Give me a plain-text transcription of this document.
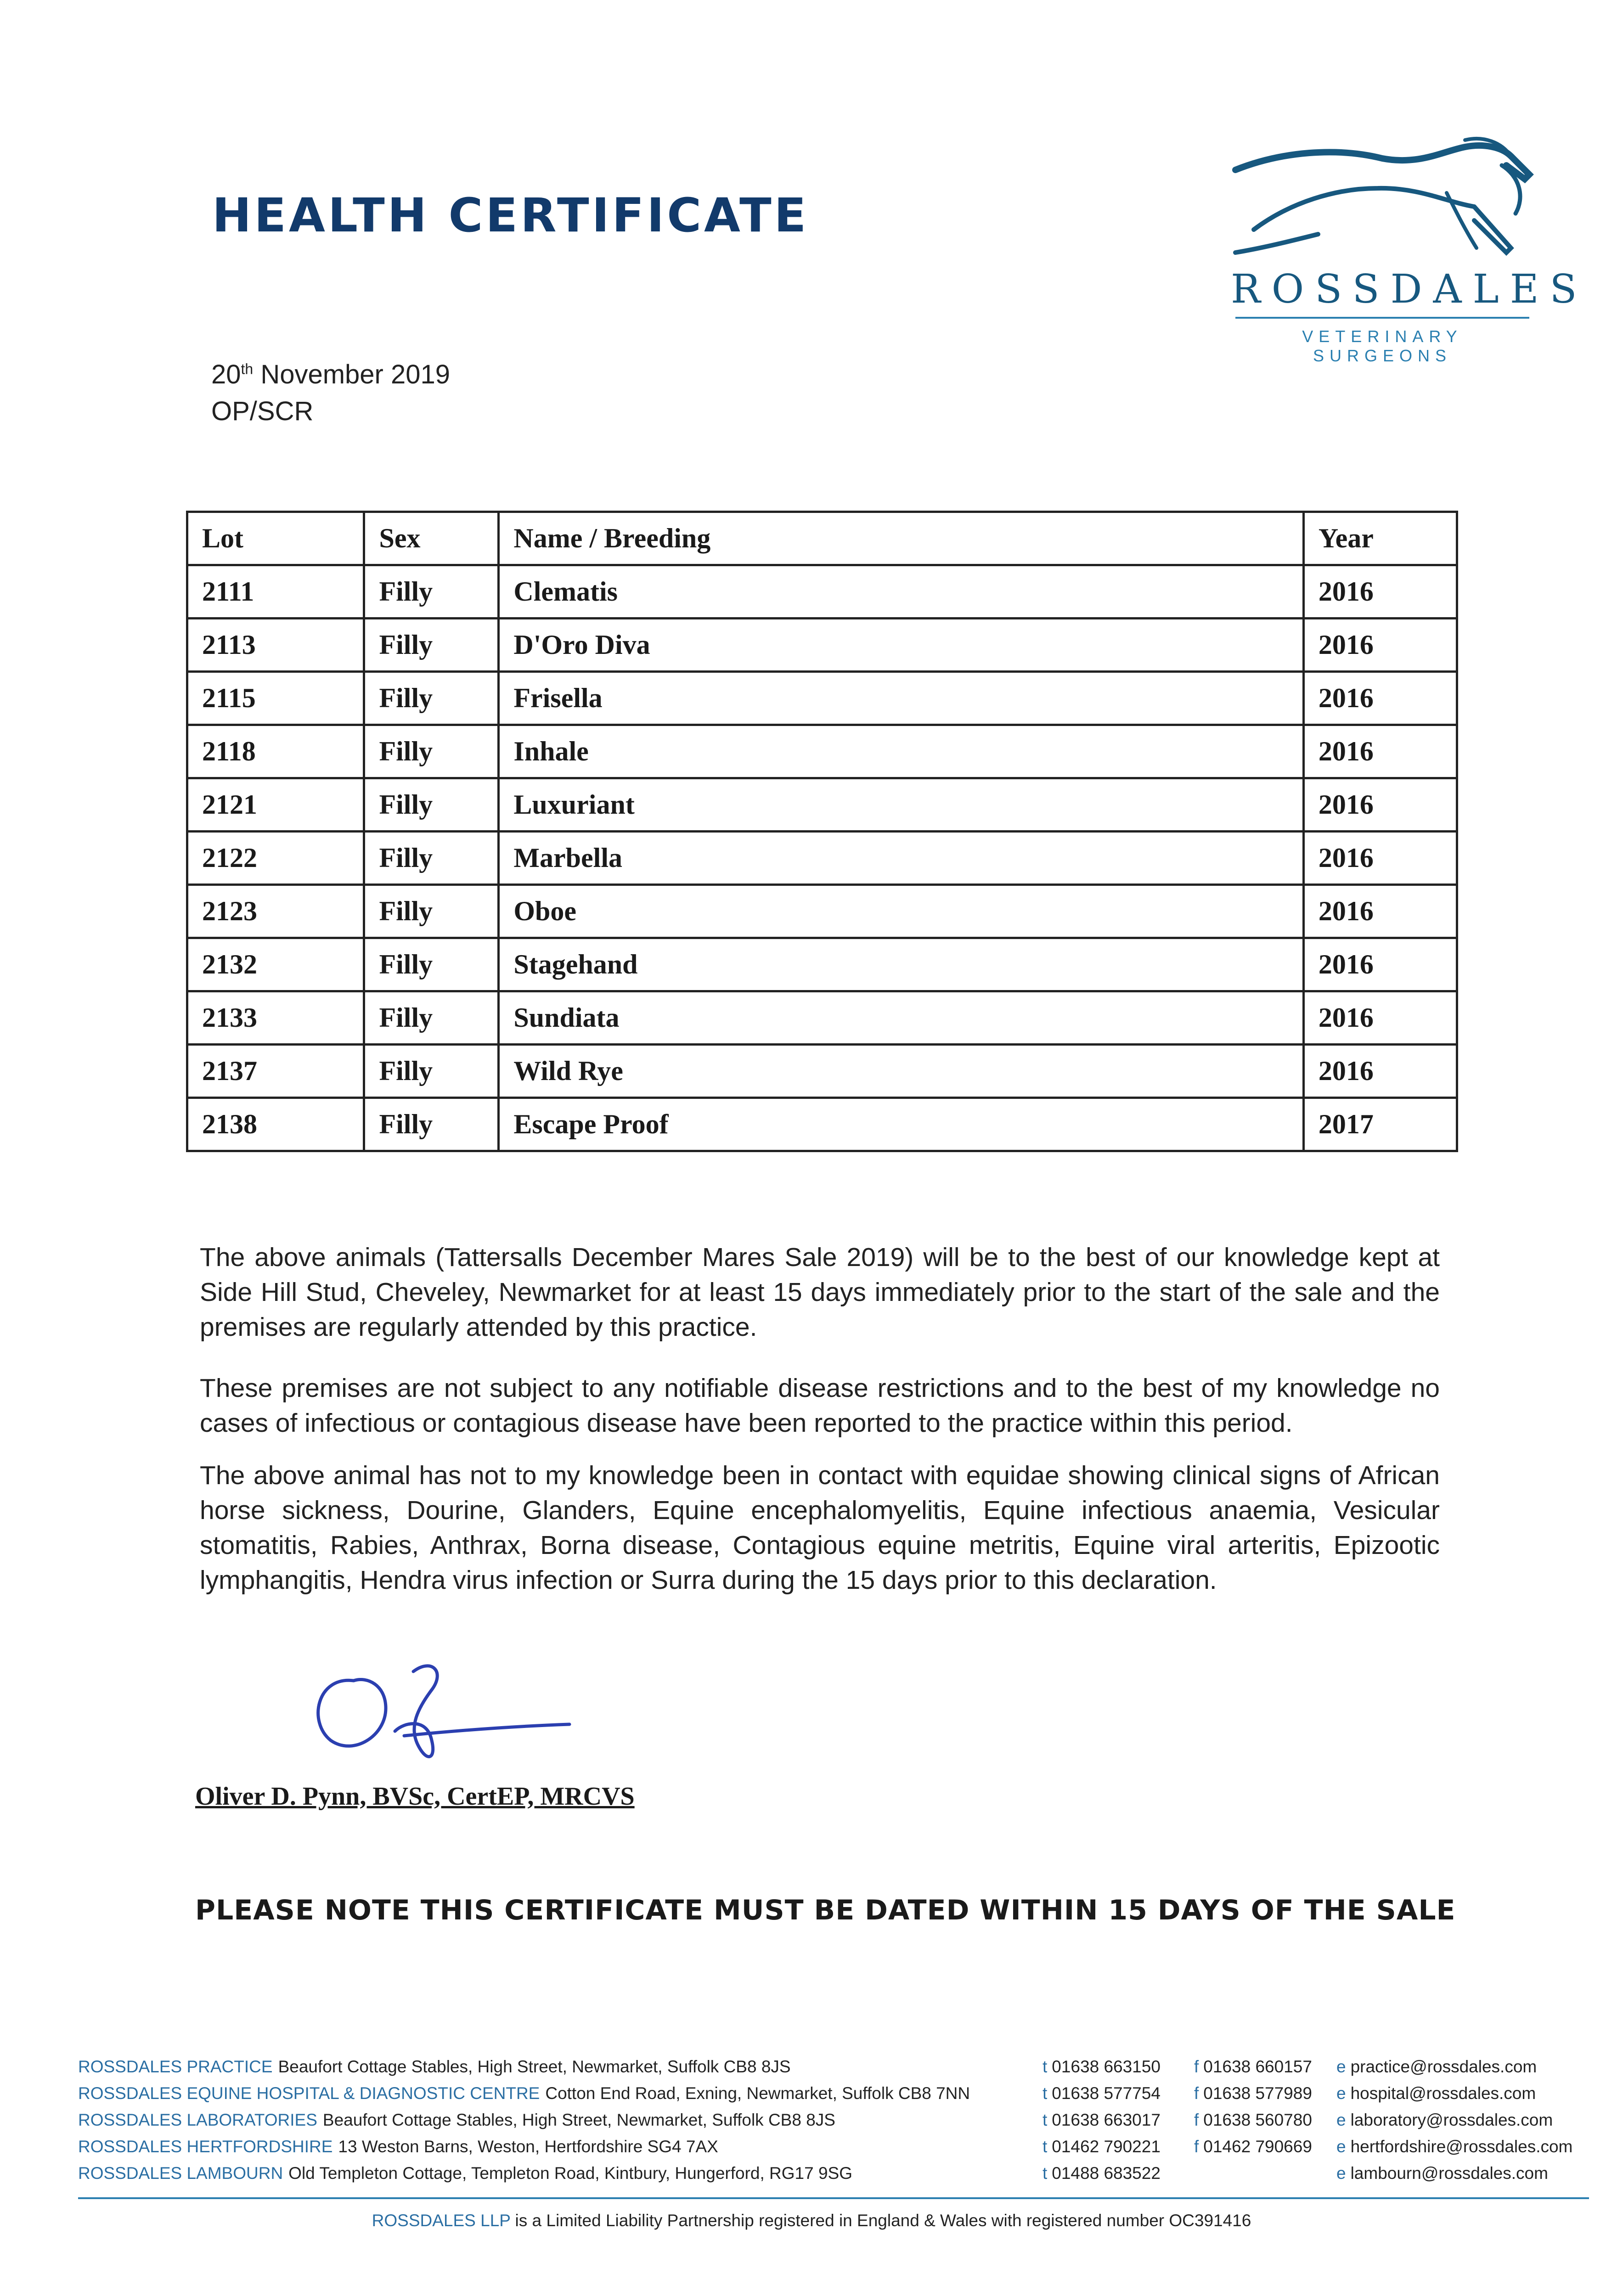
HEALTH CERTIFICATE
ROSSDALES
VETERINARY SURGEONS
20th November 2019
OP/SCR
Lot	Sex	Name / Breeding	Year
2111	Filly	Clematis	2016
2113	Filly	D'Oro Diva	2016
2115	Filly	Frisella	2016
2118	Filly	Inhale	2016
2121	Filly	Luxuriant	2016
2122	Filly	Marbella	2016
2123	Filly	Oboe	2016
2132	Filly	Stagehand	2016
2133	Filly	Sundiata	2016
2137	Filly	Wild Rye	2016
2138	Filly	Escape Proof	2017
The above animals (Tattersalls December Mares Sale 2019) will be to the best of our knowledge kept at Side Hill Stud, Cheveley, Newmarket for at least 15 days immediately prior to the start of the sale and the premises are regularly attended by this practice.
These premises are not subject to any notifiable disease restrictions and to the best of my knowledge no cases of infectious or contagious disease have been reported to the practice within this period.
The above animal has not to my knowledge been in contact with equidae showing clinical signs of African horse sickness, Dourine, Glanders, Equine encephalomyelitis, Equine infectious anaemia, Vesicular stomatitis, Rabies, Anthrax, Borna disease, Contagious equine metritis, Equine viral arteritis, Epizootic lymphangitis, Hendra virus infection or Surra during the 15 days prior to this declaration.
Oliver D. Pynn, BVSc, CertEP, MRCVS
PLEASE NOTE THIS CERTIFICATE MUST BE DATED WITHIN 15 DAYS OF THE SALE
ROSSDALES PRACTICE Beaufort Cottage Stables, High Street, Newmarket, Suffolk CB8 8JS	t 01638 663150 f 01638 660157 e practice@rossdales.com
ROSSDALES EQUINE HOSPITAL & DIAGNOSTIC CENTRE Cotton End Road, Exning, Newmarket, Suffolk CB8 7NN	t 01638 577754 f 01638 577989 e hospital@rossdales.com
ROSSDALES LABORATORIES Beaufort Cottage Stables, High Street, Newmarket, Suffolk CB8 8JS	t 01638 663017 f 01638 560780 e laboratory@rossdales.com
ROSSDALES HERTFORDSHIRE 13 Weston Barns, Weston, Hertfordshire SG4 7AX	t 01462 790221 f 01462 790669 e hertfordshire@rossdales.com
ROSSDALES LAMBOURN Old Templeton Cottage, Templeton Road, Kintbury, Hungerford, RG17 9SG	t 01488 683522	e lambourn@rossdales.com
ROSSDALES LLP is a Limited Liability Partnership registered in England & Wales with registered number OC391416
